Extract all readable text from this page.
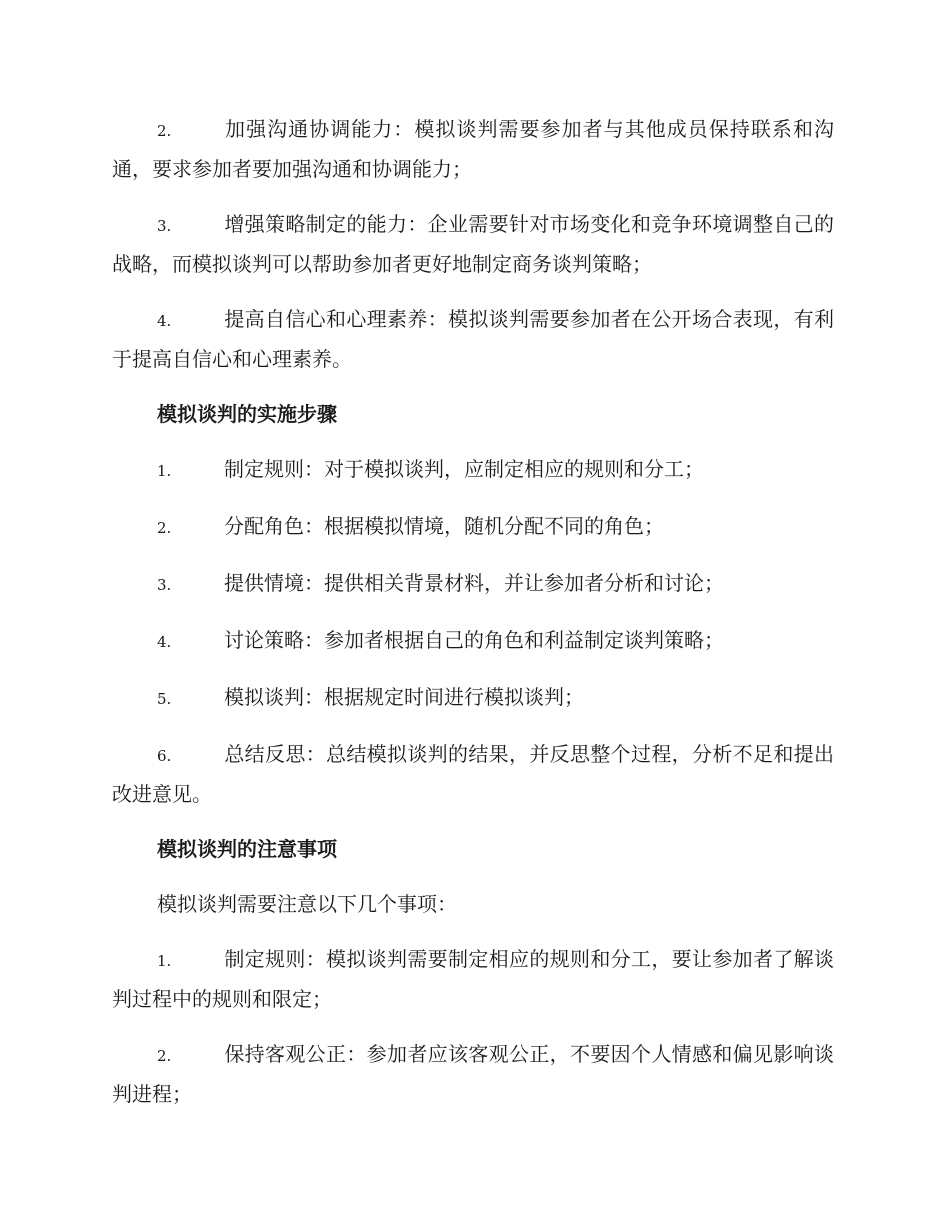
2.	加强沟通协调能力：模拟谈判需要参加者与其他成员保持联系和沟通，要求参加者要加强沟通和协调能力；
3.	增强策略制定的能力：企业需要针对市场变化和竞争环境调整自己的战略，而模拟谈判可以帮助参加者更好地制定商务谈判策略；
4.	提高自信心和心理素养：模拟谈判需要参加者在公开场合表现，有利于提高自信心和心理素养。
模拟谈判的实施步骤
1.	制定规则：对于模拟谈判，应制定相应的规则和分工；
2.	分配角色：根据模拟情境，随机分配不同的角色；
3.	提供情境：提供相关背景材料，并让参加者分析和讨论；
4.	讨论策略：参加者根据自己的角色和利益制定谈判策略；
5.	模拟谈判：根据规定时间进行模拟谈判；
6.	总结反思：总结模拟谈判的结果，并反思整个过程，分析不足和提出改进意见。
模拟谈判的注意事项
模拟谈判需要注意以下几个事项：
1.	制定规则：模拟谈判需要制定相应的规则和分工，要让参加者了解谈判过程中的规则和限定；
2.	保持客观公正：参加者应该客观公正，不要因个人情感和偏见影响谈判进程；
